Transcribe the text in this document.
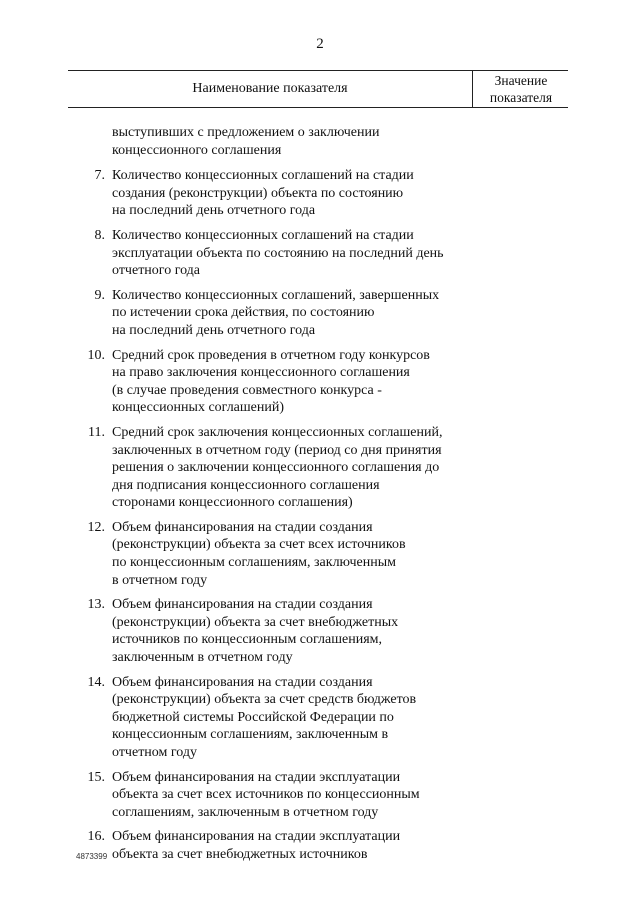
2
Наименование показателя
Значение
показателя
выступивших с предложением о заключении
концессионного соглашения
7. Количество концессионных соглашений на стадии
создания (реконструкции) объекта по состоянию
на последний день отчетного года
8. Количество концессионных соглашений на стадии
эксплуатации объекта по состоянию на последний день
отчетного года
9. Количество концессионных соглашений, завершенных
по истечении срока действия, по состоянию
на последний день отчетного года
10. Средний срок проведения в отчетном году конкурсов
на право заключения концессионного соглашения
(в случае проведения совместного конкурса -
концессионных соглашений)
11. Средний срок заключения концессионных соглашений,
заключенных в отчетном году (период со дня принятия
решения о заключении концессионного соглашения до
дня подписания концессионного соглашения
сторонами концессионного соглашения)
12. Объем финансирования на стадии создания
(реконструкции) объекта за счет всех источников
по концессионным соглашениям, заключенным
в отчетном году
13. Объем финансирования на стадии создания
(реконструкции) объекта за счет внебюджетных
источников по концессионным соглашениям,
заключенным в отчетном году
14. Объем финансирования на стадии создания
(реконструкции) объекта за счет средств бюджетов
бюджетной системы Российской Федерации по
концессионным соглашениям, заключенным в
отчетном году
15. Объем финансирования на стадии эксплуатации
объекта за счет всех источников по концессионным
соглашениям, заключенным в отчетном году
16. Объем финансирования на стадии эксплуатации
объекта за счет внебюджетных источников
4873399
